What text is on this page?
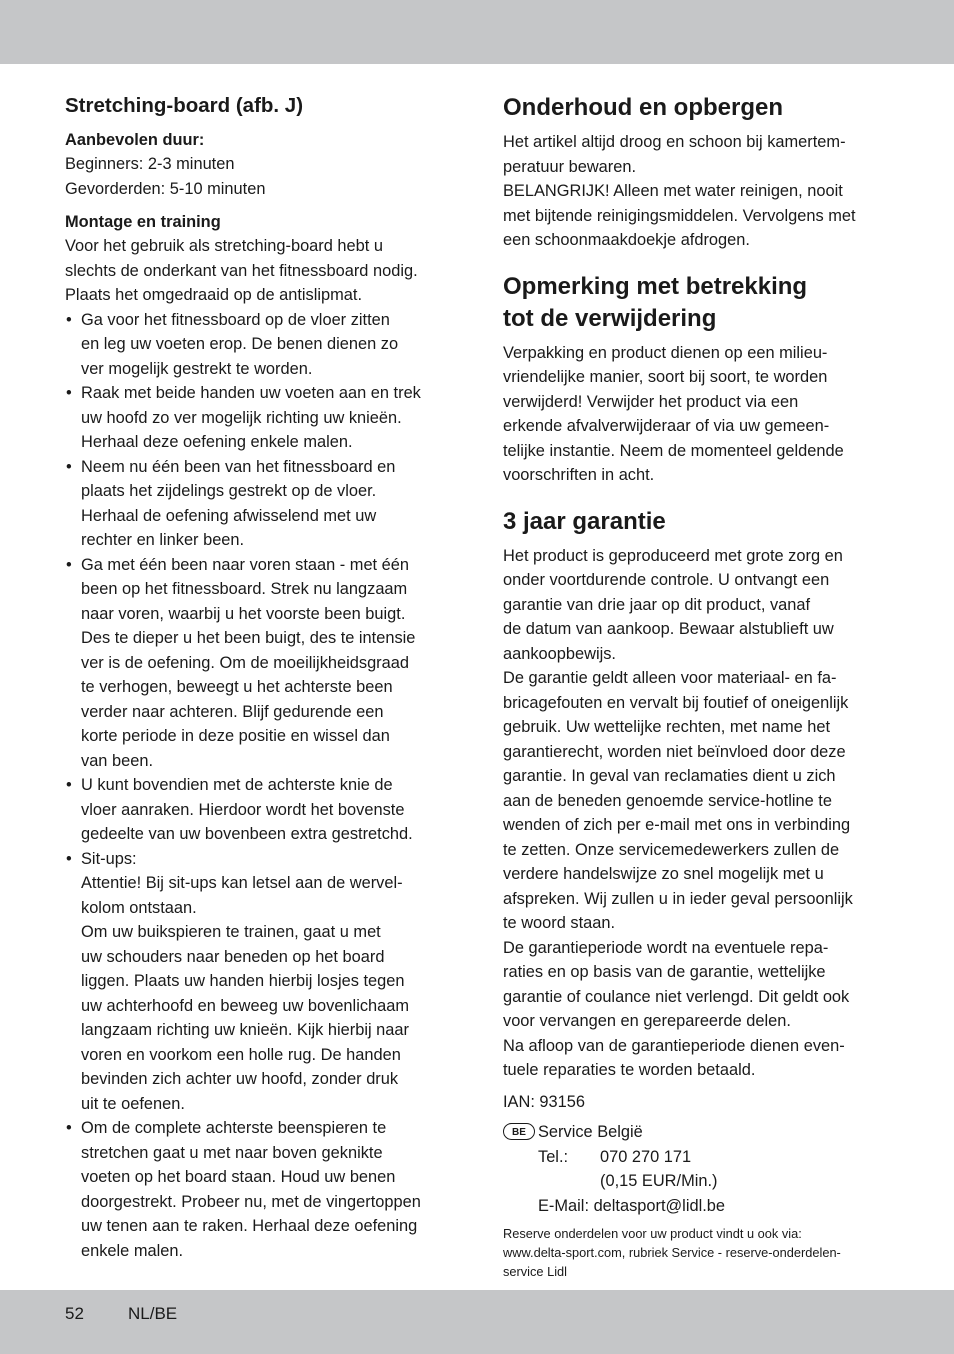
Stretching-board (afb. J)

Aanbevolen duur:

Beginners: 2-3 minuten

Gevorderden: 5-10 minuten

Montage en training

Voor het gebruik als stretching-board hebt u
slechts de onderkant van het fitnessboard nodig.
Plaats het omgedraaid op de antislipmat.

• Ga voor het fitnessboard op de vloer zitten
en leg uw voeten erop. De benen dienen zo
ver mogelijk gestrekt te worden.
• Raak met beide handen uw voeten aan en trek
uw hoofd zo ver mogelijk richting uw knieën.
Herhaal deze oefening enkele malen.
• Neem nu één been van het fitnessboard en
plaats het zijdelings gestrekt op de vloer.
Herhaal de oefening afwisselend met uw
rechter en linker been.
• Ga met één been naar voren staan - met één
been op het fitnessboard. Strek nu langzaam
naar voren, waarbij u het voorste been buigt.
Des te dieper u het been buigt, des te intensie
ver is de oefening. Om de moeilijkheidsgraad
te verhogen, beweegt u het achterste been
verder naar achteren. Blijf gedurende een
korte periode in deze positie en wissel dan
van been.
• U kunt bovendien met de achterste knie de
vloer aanraken. Hierdoor wordt het bovenste
gedeelte van uw bovenbeen extra gestretchd.
• Sit-ups:
Attentie! Bij sit-ups kan letsel aan de wervel-
kolom ontstaan.
Om uw buikspieren te trainen, gaat u met
uw schouders naar beneden op het board
liggen. Plaats uw handen hierbij losjes tegen
uw achterhoofd en beweeg uw bovenlichaam
langzaam richting uw knieën. Kijk hierbij naar
voren en voorkom een holle rug. De handen
bevinden zich achter uw hoofd, zonder druk
uit te oefenen.
• Om de complete achterste beenspieren te
stretchen gaat u met naar boven geknikte
voeten op het board staan. Houd uw benen
doorgestrekt. Probeer nu, met de vingertoppen
uw tenen aan te raken. Herhaal deze oefening
enkele malen.
Onderhoud en opbergen

Het artikel altijd droog en schoon bij kamertem-
peratuur bewaren.
BELANGRIJK! Alleen met water reinigen, nooit
met bijtende reinigingsmiddelen. Vervolgens met
een schoonmaakdoekje afdrogen.

Opmerking met betrekking
tot de verwijdering

Verpakking en product dienen op een milieu-
vriendelijke manier, soort bij soort, te worden
verwijderd! Verwijder het product via een
erkende afvalverwijderaar of via uw gemeen-
telijke instantie. Neem de momenteel geldende
voorschriften in acht.

3 jaar garantie

Het product is geproduceerd met grote zorg en
onder voortdurende controle. U ontvangt een
garantie van drie jaar op dit product, vanaf
de datum van aankoop. Bewaar alstublieft uw
aankoopbewijs.
De garantie geldt alleen voor materiaal- en fa-
bricagefouten en vervalt bij foutief of oneigenlijk
gebruik. Uw wettelijke rechten, met name het
garantierecht, worden niet beïnvloed door deze
garantie. In geval van reclamaties dient u zich
aan de beneden genoemde service-hotline te
wenden of zich per e-mail met ons in verbinding
te zetten. Onze servicemedewerkers zullen de
verdere handelswijze zo snel mogelijk met u
afspreken. Wij zullen u in ieder geval persoonlijk
te woord staan.
De garantieperiode wordt na eventuele repa-
raties en op basis van de garantie, wettelijke
garantie of coulance niet verlengd. Dit geldt ook
voor vervangen en gerepareerde delen.
Na afloop van de garantieperiode dienen even-
tuele reparaties te worden betaald.

IAN: 93156

BE Service België
Tel.:	070 270 171
(0,15 EUR/Min.)
E-Mail: deltasport@lidl.be

Reserve onderdelen voor uw product vindt u ook via:
www.delta-sport.com, rubriek Service - reserve-onderdelen-
service Lidl

52	NL/BE
